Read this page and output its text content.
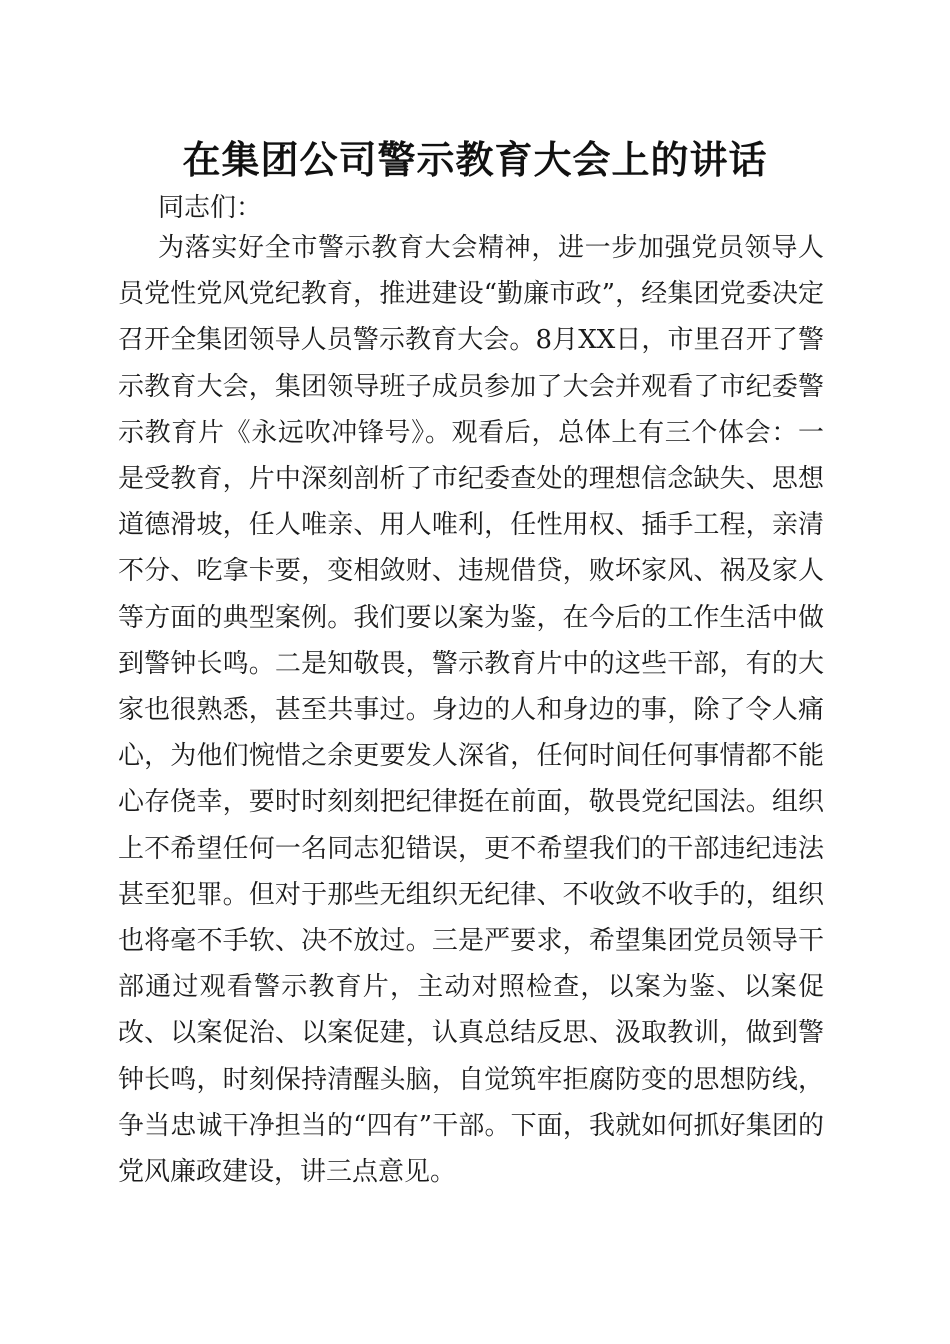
在集团公司警示教育大会上的讲话
同志们：
为落实好全市警示教育大会精神，进一步加强党员领导人员党性党风党纪教育，推进建设“勤廉市政”，经集团党委决定召开全集团领导人员警示教育大会。8月XX日，市里召开了警示教育大会，集团领导班子成员参加了大会并观看了市纪委警示教育片《永远吹冲锋号》。观看后，总体上有三个体会：一是受教育，片中深刻剖析了市纪委查处的理想信念缺失、思想道德滑坡，任人唯亲、用人唯利，任性用权、插手工程，亲清不分、吃拿卡要，变相敛财、违规借贷，败坏家风、祸及家人等方面的典型案例。我们要以案为鉴，在今后的工作生活中做到警钟长鸣。二是知敬畏，警示教育片中的这些干部，有的大家也很熟悉，甚至共事过。身边的人和身边的事，除了令人痛心，为他们惋惜之余更要发人深省，任何时间任何事情都不能心存侥幸，要时时刻刻把纪律挺在前面，敬畏党纪国法。组织上不希望任何一名同志犯错误，更不希望我们的干部违纪违法甚至犯罪。但对于那些无组织无纪律、不收敛不收手的，组织也将毫不手软、决不放过。三是严要求，希望集团党员领导干部通过观看警示教育片，主动对照检查，以案为鉴、以案促改、以案促治、以案促建，认真总结反思、汲取教训，做到警钟长鸣，时刻保持清醒头脑，自觉筑牢拒腐防变的思想防线，争当忠诚干净担当的“四有”干部。下面，我就如何抓好集团的党风廉政建设，讲三点意见。
